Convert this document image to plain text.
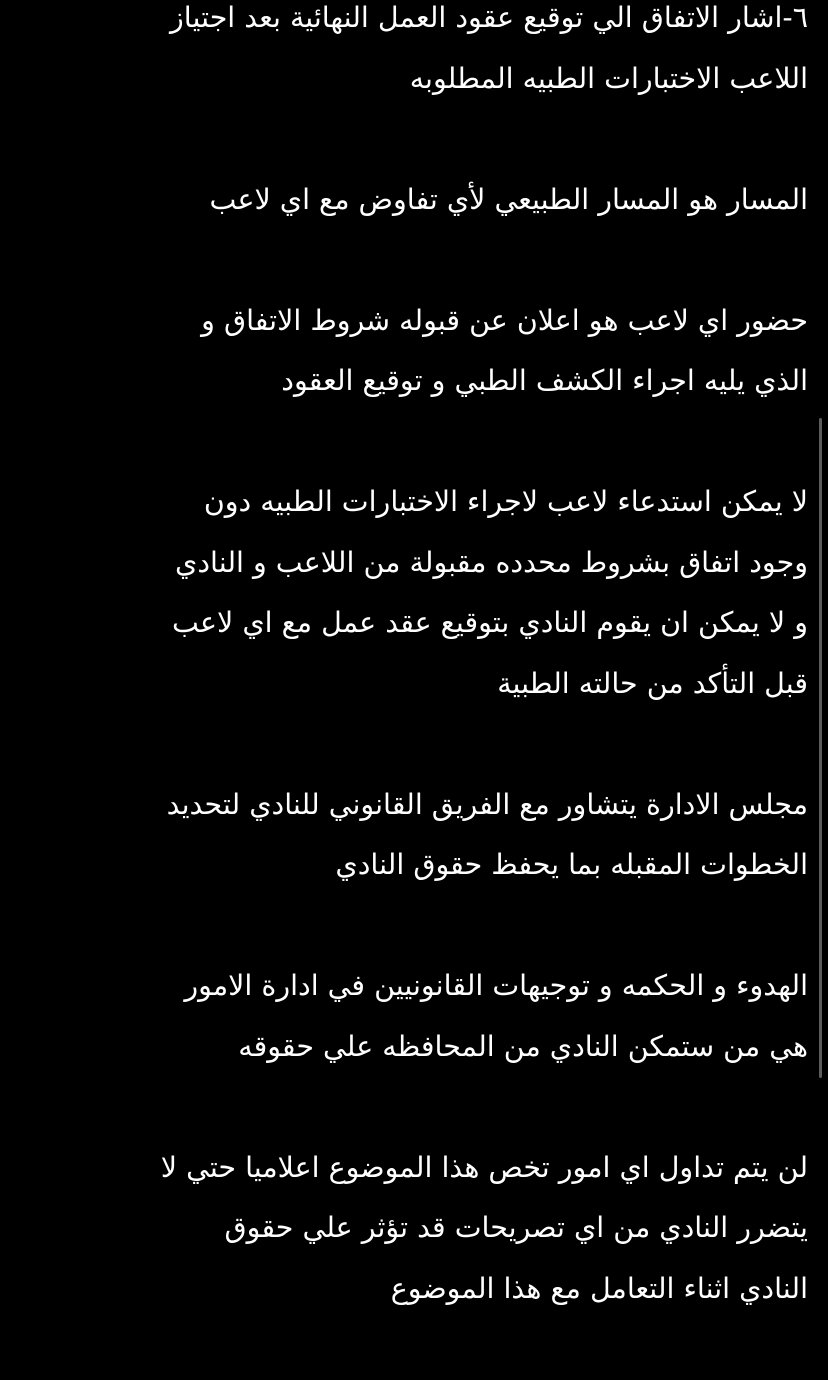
٦-اشار الاتفاق الي توقيع عقود العمل النهائية بعد اجتياز
اللاعب الاختبارات الطبيه المطلوبه

المسار هو المسار الطبيعي لأي تفاوض مع اي لاعب

حضور اي لاعب هو اعلان عن قبوله شروط الاتفاق و
الذي يليه اجراء الكشف الطبي و توقيع العقود

لا يمكن استدعاء لاعب لاجراء الاختبارات الطبيه دون
وجود اتفاق بشروط محدده مقبولة من اللاعب و النادي
و لا يمكن ان يقوم النادي بتوقيع عقد عمل مع اي لاعب
قبل التأكد من حالته الطبية

مجلس الادارة يتشاور مع الفريق القانوني للنادي لتحديد
الخطوات المقبله بما يحفظ حقوق النادي

الهدوء و الحكمه و توجيهات القانونيين في ادارة الامور
هي من ستمكن النادي من المحافظه علي حقوقه

لن يتم تداول اي امور تخص هذا الموضوع اعلاميا حتي لا
يتضرر النادي من اي تصريحات قد تؤثر علي حقوق
النادي اثناء التعامل مع هذا الموضوع
